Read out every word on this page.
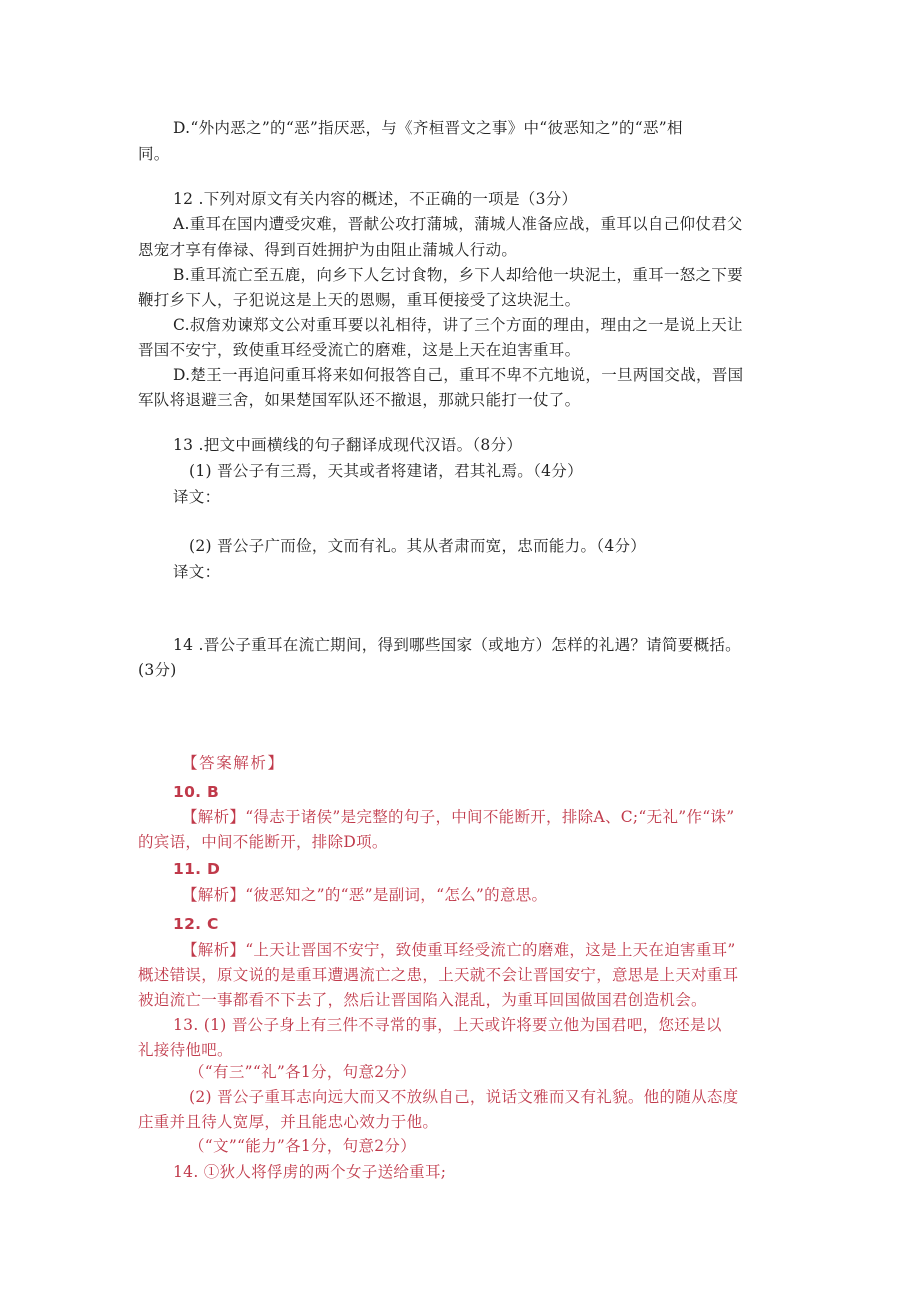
D.“外内恶之”的“恶”指厌恶，与《齐桓晋文之事》中“彼恶知之”的“恶”相
同。
12 .下列对原文有关内容的概述，不正确的一项是（3分）
A.重耳在国内遭受灾难，晋献公攻打蒲城，蒲城人准备应战，重耳以自己仰仗君父
恩宠才享有俸禄、得到百姓拥护为由阻止蒲城人行动。
B.重耳流亡至五鹿，向乡下人乞讨食物，乡下人却给他一块泥土，重耳一怒之下要
鞭打乡下人，子犯说这是上天的恩赐，重耳便接受了这块泥土。
C.叔詹劝谏郑文公对重耳要以礼相待，讲了三个方面的理由，理由之一是说上天让
晋国不安宁，致使重耳经受流亡的磨难，这是上天在迫害重耳。
D.楚王一再追问重耳将来如何报答自己，重耳不卑不亢地说，一旦两国交战，晋国
军队将退避三舍，如果楚国军队还不撤退，那就只能打一仗了。
13 .把文中画横线的句子翻译成现代汉语。（8分）
(1) 晋公子有三焉，天其或者将建诸，君其礼焉。（4分）
译文：
(2) 晋公子广而俭，文而有礼。其从者肃而宽，忠而能力。（4分）
译文：
14 .晋公子重耳在流亡期间，得到哪些国家（或地方）怎样的礼遇？请简要概括。
(3分)
【答案解析】
10. B
【解析】“得志于诸侯”是完整的句子，中间不能断开，排除A、C;“无礼”作“诛”
的宾语，中间不能断开，排除D项。
11. D
【解析】“彼恶知之”的“恶”是副词，“怎么”的意思。
12. C
【解析】“上天让晋国不安宁，致使重耳经受流亡的磨难，这是上天在迫害重耳”
概述错误，原文说的是重耳遭遇流亡之患，上天就不会让晋国安宁，意思是上天对重耳
被迫流亡一事都看不下去了，然后让晋国陷入混乱，为重耳回国做国君创造机会。
13. (1) 晋公子身上有三件不寻常的事，上天或许将要立他为国君吧，您还是以
礼接待他吧。
（“有三”“礼”各1分，句意2分）
(2) 晋公子重耳志向远大而又不放纵自己，说话文雅而又有礼貌。他的随从态度
庄重并且待人宽厚，并且能忠心效力于他。
（“文”“能力”各1分，句意2分）
14. ①狄人将俘虏的两个女子送给重耳;
